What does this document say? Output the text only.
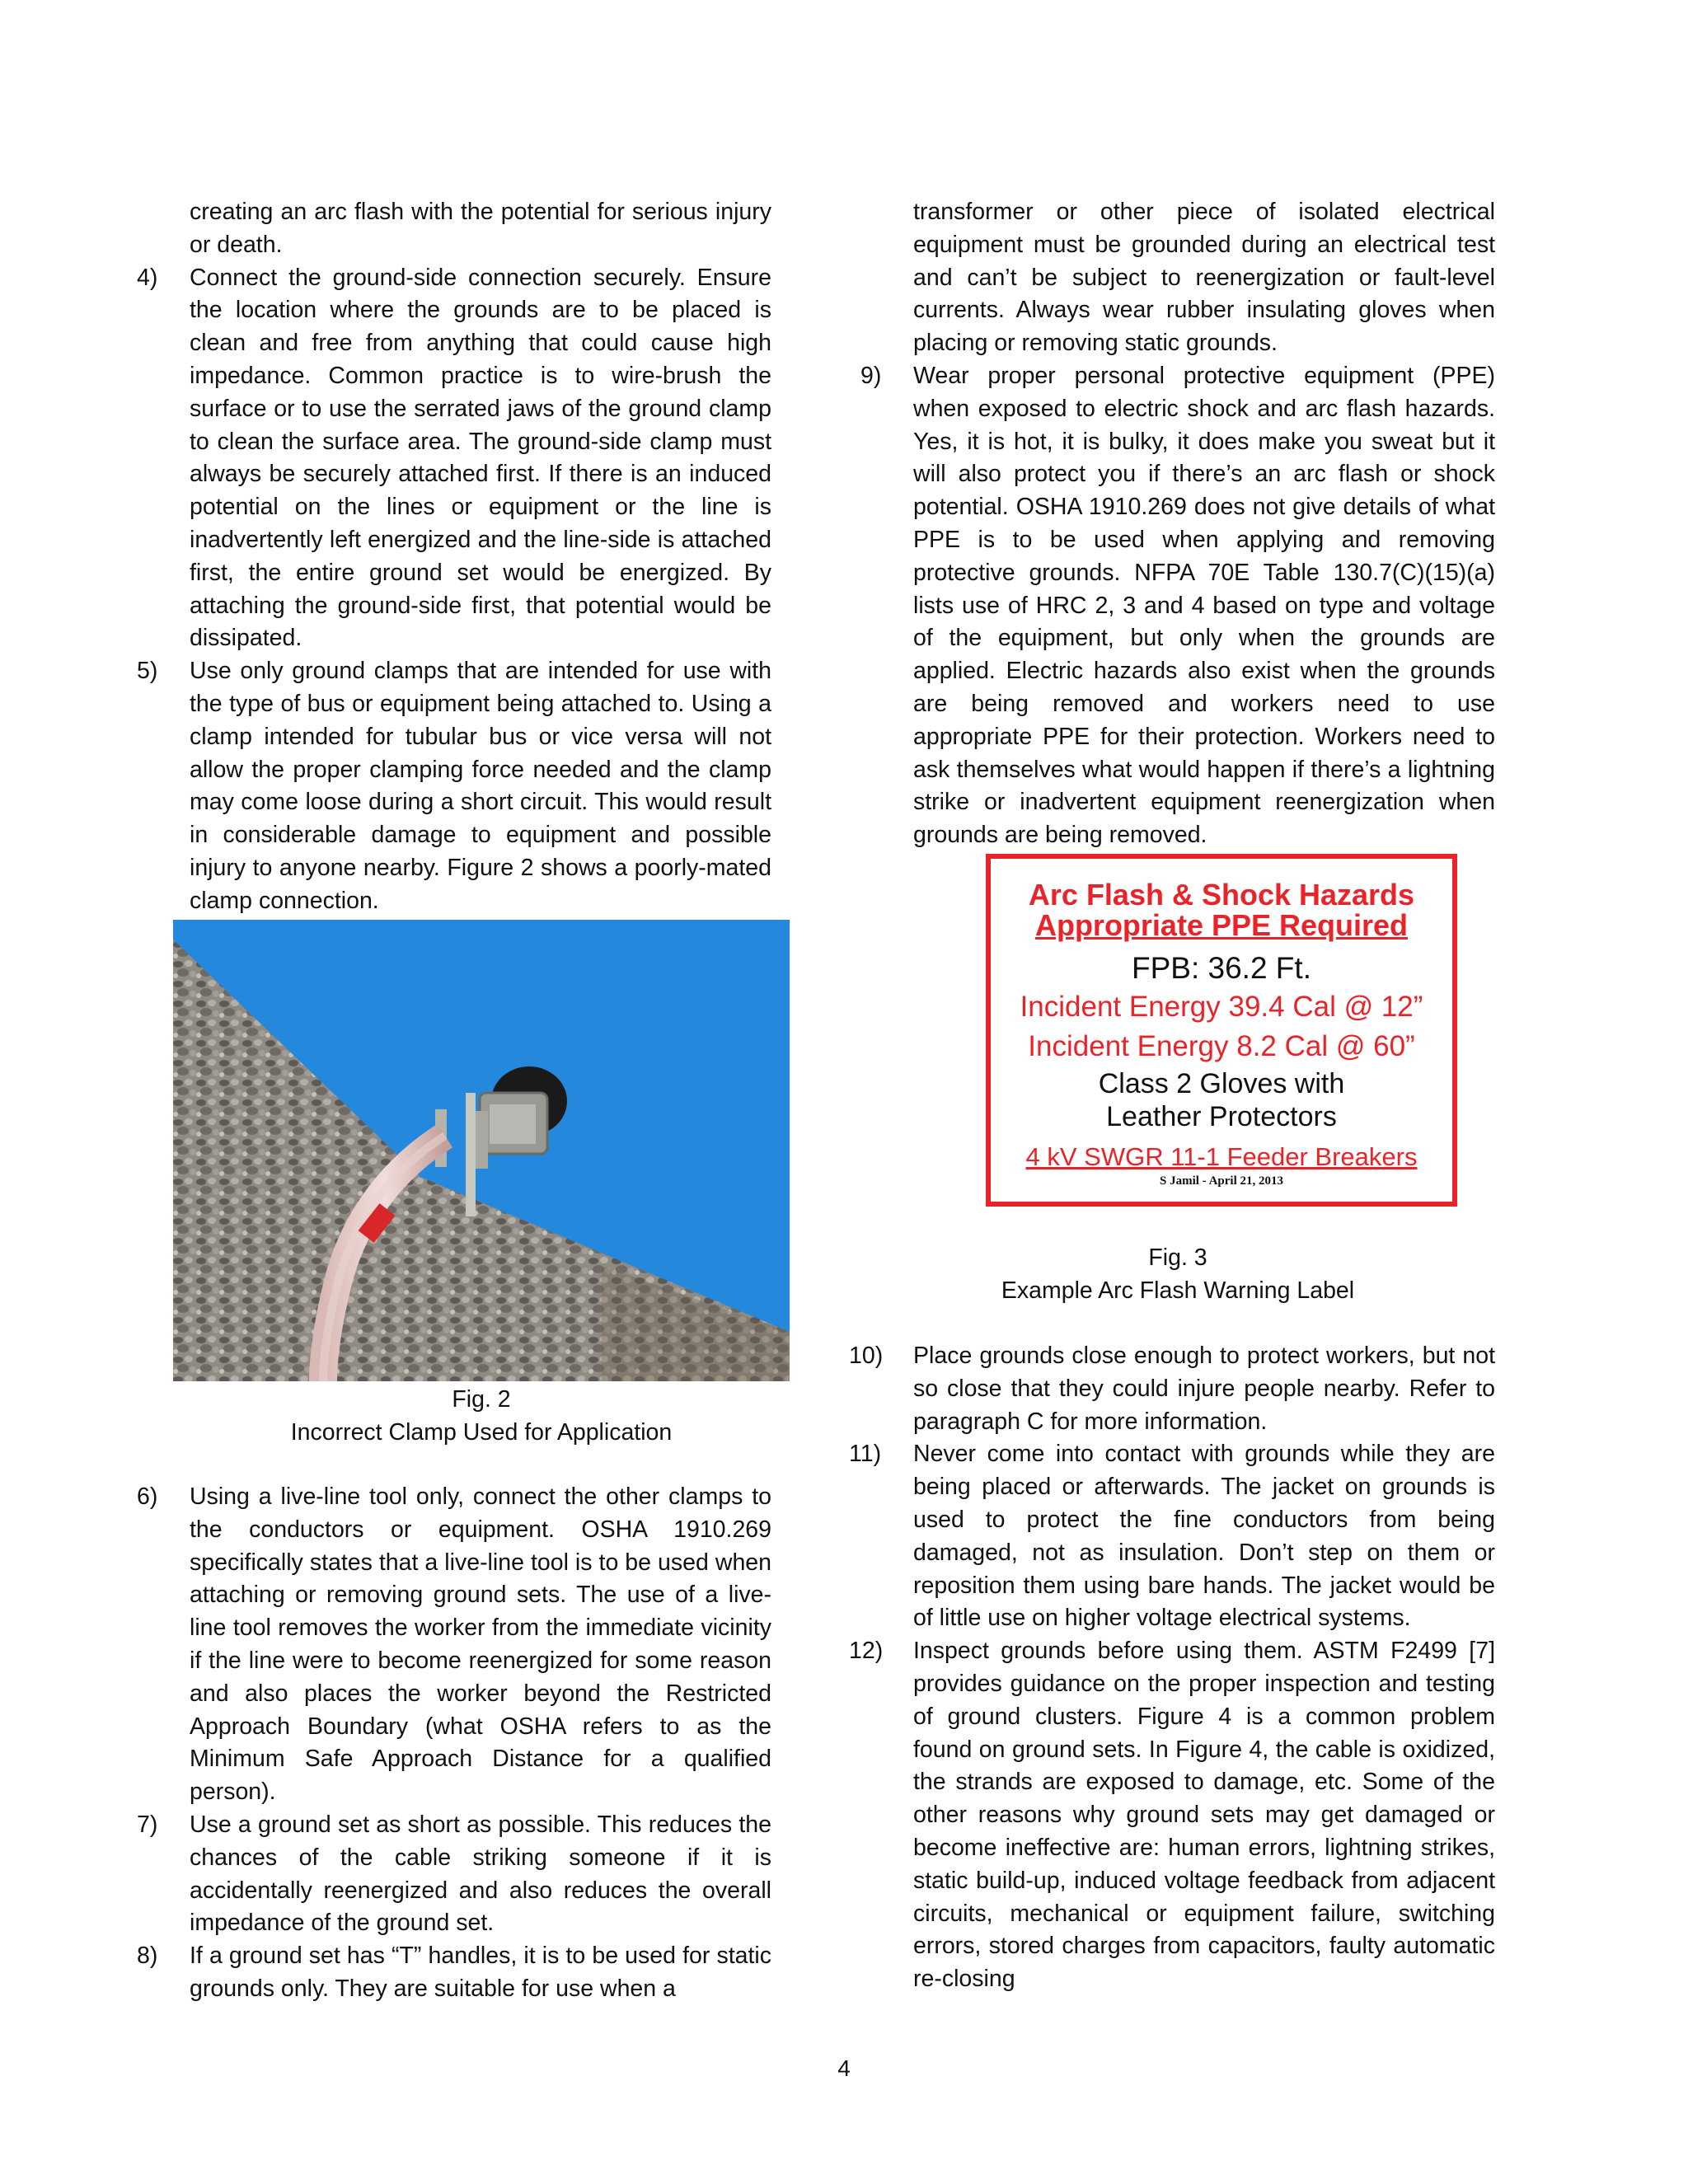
creating an arc flash with the potential for serious injury or death.
4) Connect the ground-side connection securely. Ensure the location where the grounds are to be placed is clean and free from anything that could cause high impedance. Common practice is to wire-brush the surface or to use the serrated jaws of the ground clamp to clean the surface area. The ground-side clamp must always be securely attached first. If there is an induced potential on the lines or equipment or the line is inadvertently left energized and the line-side is attached first, the entire ground set would be energized. By attaching the ground-side first, that potential would be dissipated.
5) Use only ground clamps that are intended for use with the type of bus or equipment being attached to. Using a clamp intended for tubular bus or vice versa will not allow the proper clamping force needed and the clamp may come loose during a short circuit. This would result in considerable damage to equipment and possible injury to anyone nearby. Figure 2 shows a poorly-mated clamp connection.
Fig. 2
Incorrect Clamp Used for Application
6) Using a live-line tool only, connect the other clamps to the conductors or equipment. OSHA 1910.269 specifically states that a live-line tool is to be used when attaching or removing ground sets. The use of a live-line tool removes the worker from the immediate vicinity if the line were to become reenergized for some reason and also places the worker beyond the Restricted Approach Boundary (what OSHA refers to as the Minimum Safe Approach Distance for a qualified person).
7) Use a ground set as short as possible. This reduces the chances of the cable striking someone if it is accidentally reenergized and also reduces the overall impedance of the ground set.
8) If a ground set has “T” handles, it is to be used for static grounds only. They are suitable for use when a
transformer or other piece of isolated electrical equipment must be grounded during an electrical test and can’t be subject to reenergization or fault-level currents. Always wear rubber insulating gloves when placing or removing static grounds.
9) Wear proper personal protective equipment (PPE) when exposed to electric shock and arc flash hazards. Yes, it is hot, it is bulky, it does make you sweat but it will also protect you if there’s an arc flash or shock potential. OSHA 1910.269 does not give details of what PPE is to be used when applying and removing protective grounds. NFPA 70E Table 130.7(C)(15)(a) lists use of HRC 2, 3 and 4 based on type and voltage of the equipment, but only when the grounds are applied. Electric hazards also exist when the grounds are being removed and workers need to use appropriate PPE for their protection. Workers need to ask themselves what would happen if there’s a lightning strike or inadvertent equipment reenergization when grounds are being removed.
Arc Flash & Shock Hazards
Appropriate PPE Required
FPB: 36.2 Ft.
Incident Energy 39.4 Cal @ 12”
Incident Energy 8.2 Cal @ 60”
Class 2 Gloves with
Leather Protectors
4 kV SWGR 11-1 Feeder Breakers
S Jamil - April 21, 2013
Fig. 3
Example Arc Flash Warning Label
10) Place grounds close enough to protect workers, but not so close that they could injure people nearby. Refer to paragraph C for more information.
11) Never come into contact with grounds while they are being placed or afterwards. The jacket on grounds is used to protect the fine conductors from being damaged, not as insulation. Don’t step on them or reposition them using bare hands. The jacket would be of little use on higher voltage electrical systems.
12) Inspect grounds before using them. ASTM F2499 [7] provides guidance on the proper inspection and testing of ground clusters. Figure 4 is a common problem found on ground sets. In Figure 4, the cable is oxidized, the strands are exposed to damage, etc. Some of the other reasons why ground sets may get damaged or become ineffective are: human errors, lightning strikes, static build-up, induced voltage feedback from adjacent circuits, mechanical or equipment failure, switching errors, stored charges from capacitors, faulty automatic re-closing
4
